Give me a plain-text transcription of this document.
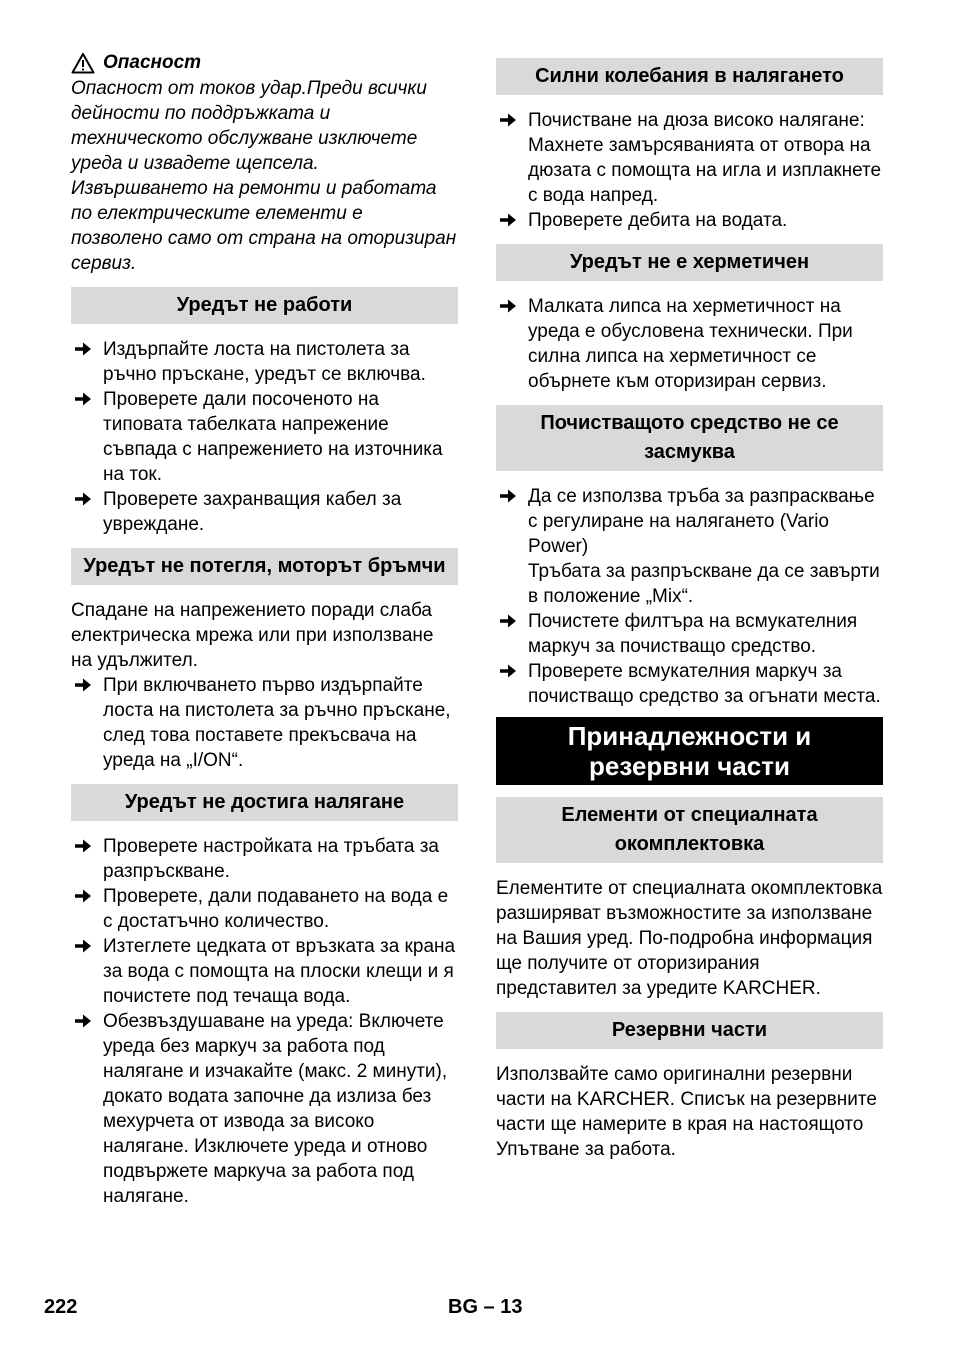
Опасност

Опасност от токов удар.Преди всички дейности по поддръжката и техническото обслужване изключете уреда и извадете щепсела.

Извършването на ремонти и работата по електрическите елементи е позволено само от страна на оторизиран сервиз.

Уредът не работи
Издърпайте лоста на пистолета за ръчно пръскане, уредът се включва.
Проверете дали посоченото на типовата табелката напрежение съвпада с напрежението на източника на ток.
Проверете захранващия кабел за увреждане.
Уредът не потегля, моторът бръмчи

Спадане на напрежението поради слаба електрическа мрежа или при използване на удължител.

При включването първо издърпайте лоста на пистолета за ръчно пръскане, след това поставете прекъсвача на уреда на „I/ON“.
Уредът не достига налягане
Проверете настройката на тръбата за разпръскване.
Проверете, дали подаването на вода е с достатъчно количество.
Изтеглете цедката от връзката за крана за вода с помощта на плоски клещи и я почистете под течаща вода.
Обезвъздушаване на уреда: Включете уреда без маркуч за работа под налягане и изчакайте (макс. 2 минути), докато водата започне да излиза без мехурчета от извода за високо налягане. Изключете уреда и отново подвържете маркуча за работа под налягане.
Силни колебания в налягането
Почистване на дюза високо налягане: Махнете замърсяванията от отвора на дюзата с помощта на игла и изплакнете с вода напред.
Проверете дебита на водата.
Уредът не е херметичен
Малката липса на херметичност на уреда е обусловена технически. При силна липса на херметичност се обърнете към оторизиран сервиз.
Почистващото средство не се засмуква
Да се използва тръба за разпрасквање с регулиране на налягането (Vario Power)
Тръбата за разпръскване да се завърти в положение „Mix“.
Почистете филтъра на всмукателния маркуч за почистващо средство.
Проверете всмукателния маркуч за почистващо средство за огънати места.
Принадлежности и резервни части
Елементи от специалната окомплектовка

Елементите от специалната окомплектовка разширяват възможностите за използване на Вашия уред. По-подробна информация ще получите от оторизирания представител за уредите KARCHER.

Резервни части

Използвайте само оригинални резервни части на KARCHER. Списък на резервните части ще намерите в края на настоящото Упътване за работа.

222	BG – 13
